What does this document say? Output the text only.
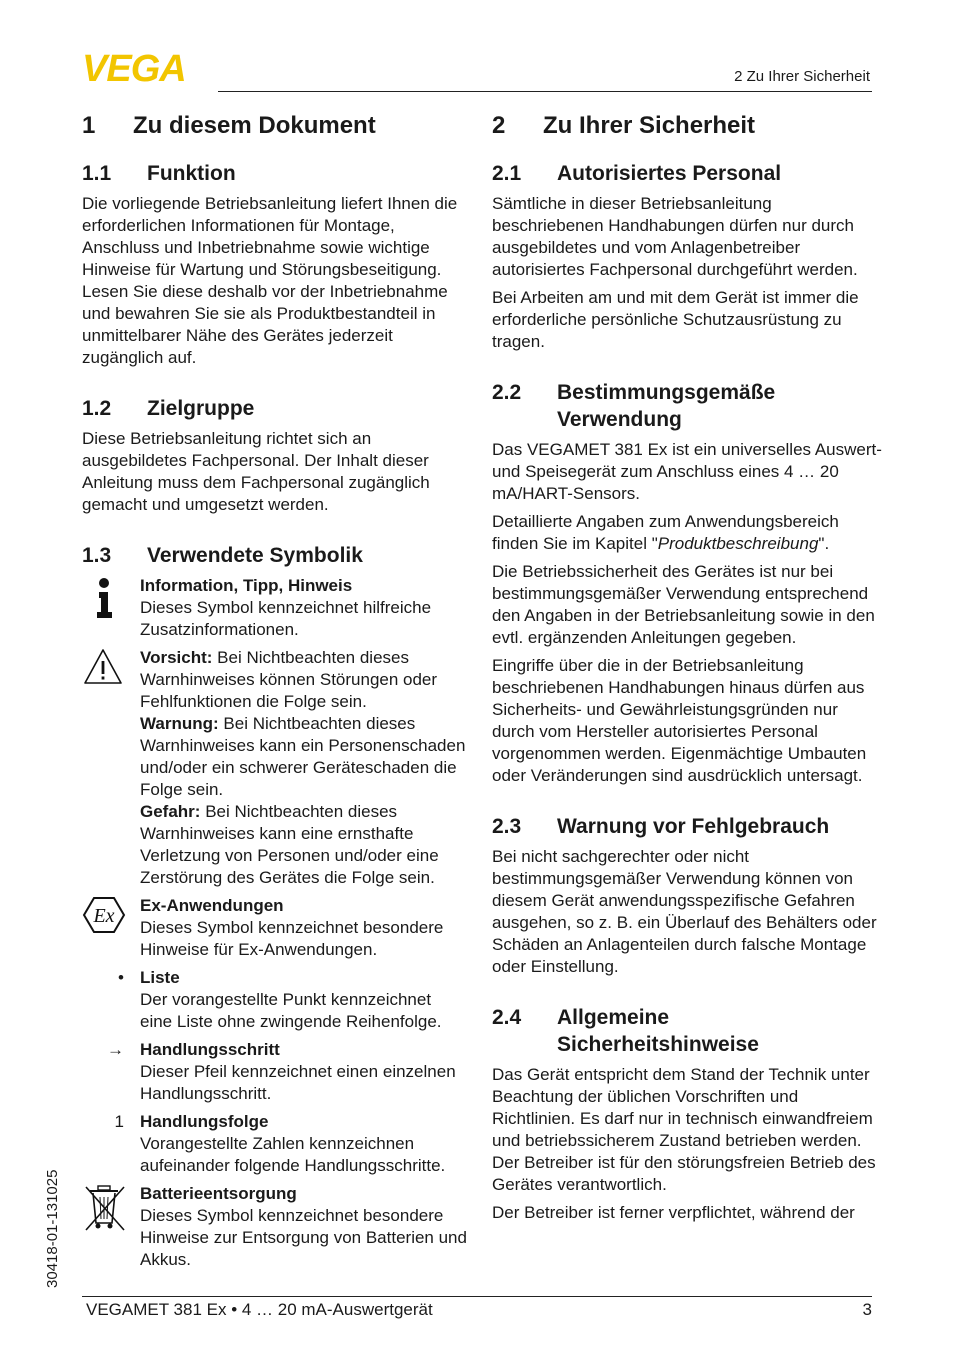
VEGA	2 Zu Ihrer Sicherheit
1	Zu diesem Dokument
1.1	Funktion

Die vorliegende Betriebsanleitung liefert Ihnen die erforderlichen Informationen für Montage, Anschluss und Inbetriebnahme sowie wichtige Hinweise für Wartung und Störungsbeseitigung. Lesen Sie diese deshalb vor der Inbetriebnahme und bewahren Sie sie als Produktbestandteil in unmittelbarer Nähe des Gerätes jederzeit zugänglich auf.

1.2	Zielgruppe

Diese Betriebsanleitung richtet sich an ausgebildetes Fachpersonal. Der Inhalt dieser Anleitung muss dem Fachpersonal zugänglich gemacht und umgesetzt werden.

1.3	Verwendete Symbolik
Information, Tipp, Hinweis
Dieses Symbol kennzeichnet hilfreiche Zusatzinformationen.
Vorsicht: Bei Nichtbeachten dieses Warnhinweises können Störungen oder Fehlfunktionen die Folge sein.
Warnung: Bei Nichtbeachten dieses Warnhinweises kann ein Personenschaden und/oder ein schwerer Geräteschaden die Folge sein.
Gefahr: Bei Nichtbeachten dieses Warnhinweises kann eine ernsthafte Verletzung von Personen und/oder eine Zerstörung des Gerätes die Folge sein.
Ex Ex-Anwendungen
Dieses Symbol kennzeichnet besondere Hinweise für Ex-Anwendungen.
• Liste
Der vorangestellte Punkt kennzeichnet eine Liste ohne zwingende Reihenfolge.
→ Handlungsschritt
Dieser Pfeil kennzeichnet einen einzelnen Handlungsschritt.
1 Handlungsfolge
Vorangestellte Zahlen kennzeichnen aufeinander folgende Handlungsschritte.
Batterieentsorgung
Dieses Symbol kennzeichnet besondere Hinweise zur Entsorgung von Batterien und Akkus.
2	Zu Ihrer Sicherheit
2.1	Autorisiertes Personal

Sämtliche in dieser Betriebsanleitung beschriebenen Handhabungen dürfen nur durch ausgebildetes und vom Anlagenbetreiber autorisiertes Fachpersonal durchgeführt werden.

Bei Arbeiten am und mit dem Gerät ist immer die erforderliche persönliche Schutzausrüstung zu tragen.

2.2	Bestimmungsgemäße Verwendung

Das VEGAMET 381 Ex ist ein universelles Auswert- und Speisegerät zum Anschluss eines 4 … 20 mA/HART-Sensors.

Detaillierte Angaben zum Anwendungsbereich finden Sie im Kapitel "Produktbeschreibung".

Die Betriebssicherheit des Gerätes ist nur bei bestimmungsgemäßer Verwendung entsprechend den Angaben in der Betriebsanleitung sowie in den evtl. ergänzenden Anleitungen gegeben.

Eingriffe über die in der Betriebsanleitung beschriebenen Handhabungen hinaus dürfen aus Sicherheits- und Gewährleistungsgründen nur durch vom Hersteller autorisiertes Personal vorgenommen werden. Eigenmächtige Umbauten oder Veränderungen sind ausdrücklich untersagt.

2.3	Warnung vor Fehlgebrauch

Bei nicht sachgerechter oder nicht bestimmungsgemäßer Verwendung können von diesem Gerät anwendungsspezifische Gefahren ausgehen, so z. B. ein Überlauf des Behälters oder Schäden an Anlagenteilen durch falsche Montage oder Einstellung.

2.4	Allgemeine Sicherheitshinweise

Das Gerät entspricht dem Stand der Technik unter Beachtung der üblichen Vorschriften und Richtlinien. Es darf nur in technisch einwandfreiem und betriebssicherem Zustand betrieben werden. Der Betreiber ist für den störungsfreien Betrieb des Gerätes verantwortlich.

Der Betreiber ist ferner verpflichtet, während der

30418-01-131025
VEGAMET 381 Ex • 4 … 20 mA-Auswertgerät	3
